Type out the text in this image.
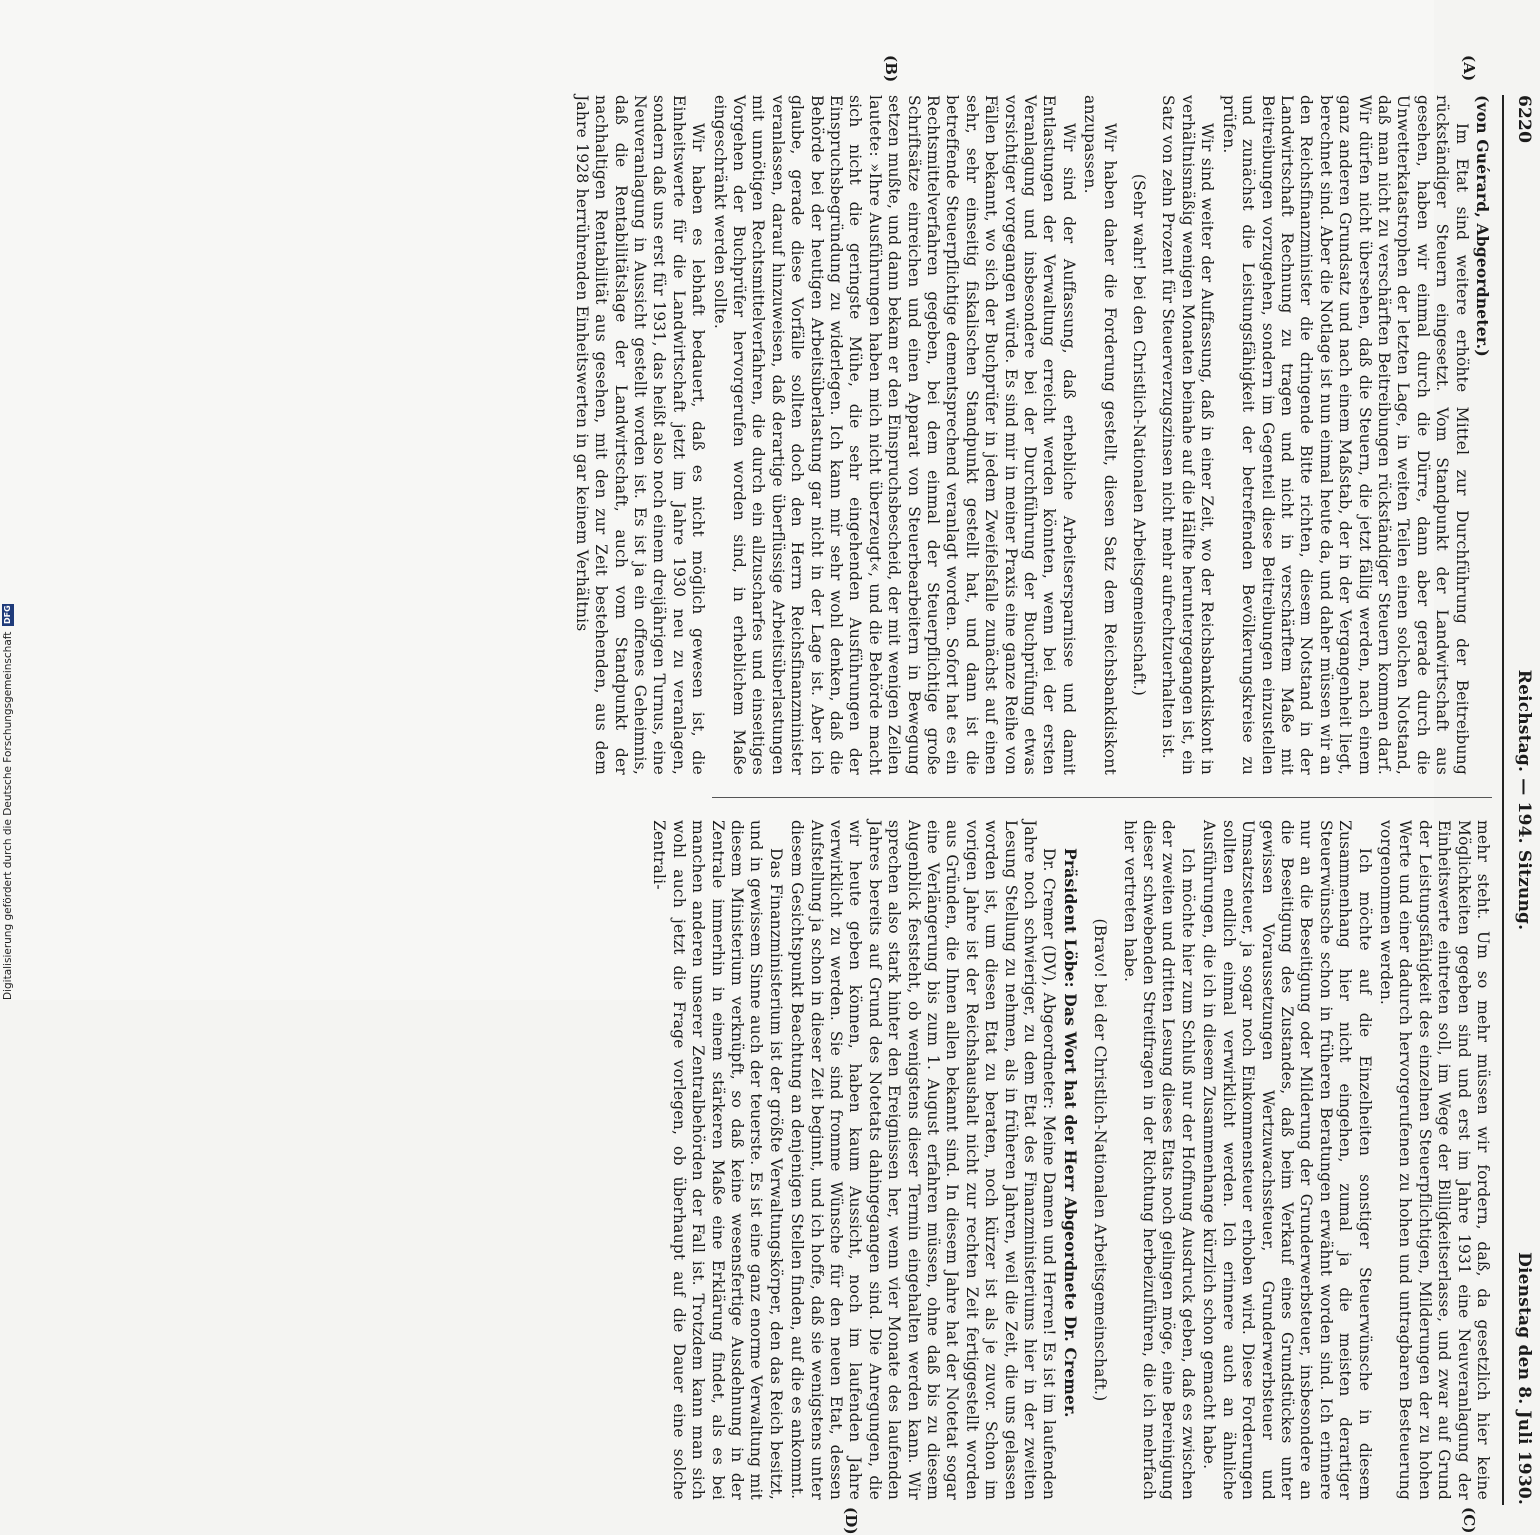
Digitalisierung gefördert durch die Deutsche Forschungsgemeinschaft
DFG
6220
Reichstag. — 194. Sitzung.
Dienstag den 8. Juli 1930.
(A)
(B)
(C)
(D)

(von Guérard, Abgeordneter.)

Im Etat sind weitere erhöhte Mittel zur Durchführung der Beitreibung rückständiger Steuern eingesetzt. Vom Standpunkt der Landwirtschaft aus gesehen, haben wir einmal durch die Dürre, dann aber gerade durch die Unwetterkatastrophen der letzten Lage, in weiten Teilen einen solchen Notstand, daß man nicht zu verschärften Beitreibungen rückständiger Steuern kommen darf. Wir dürfen nicht übersehen, daß die Steuern, die jetzt fällig werden, nach einem ganz anderen Grundsatz und nach einem Maßstab, der in der Vergangenheit liegt, berechnet sind. Aber die Notlage ist nun einmal heute da, und daher müssen wir an den Reichsfinanzminister die dringende Bitte richten, diesem Notstand in der Landwirtschaft Rechnung zu tragen und nicht in verschärftem Maße mit Beitreibungen vorzugehen, sondern im Gegenteil diese Beitreibungen einzustellen und zunächst die Leistungsfähigkeit der betreffenden Bevölkerungskreise zu prüfen.

Wir sind weiter der Auffassung, daß in einer Zeit, wo der Reichsbankdiskont in verhältnismäßig wenigen Monaten beinahe auf die Hälfte heruntergegangen ist, ein Satz von zehn Prozent für Steuerverzugszinsen nicht mehr aufrechtzuerhalten ist.

(Sehr wahr! bei den Christlich-Nationalen Arbeitsgemeinschaft.)

Wir haben daher die Forderung gestellt, diesen Satz dem Reichsbankdiskont anzupassen.

Wir sind der Auffassung, daß erhebliche Arbeitsersparnisse und damit Entlastungen der Verwaltung erreicht werden könnten, wenn bei der ersten Veranlagung und insbesondere bei der Durchführung der Buchprüfung etwas vorsichtiger vorgegangen würde. Es sind mir in meiner Praxis eine ganze Reihe von Fällen bekannt, wo sich der Buchprüfer in jedem Zweifelsfalle zunächst auf einen sehr, sehr einseitig fiskalischen Standpunkt gestellt hat, und dann ist die betreffende Steuerpflichtige dementsprechend veranlagt worden. Sofort hat es ein Rechtsmittelverfahren gegeben, bei dem einmal der Steuerpflichtige große Schriftsätze einreichen und einen Apparat von Steuerbearbeitern in Bewegung setzen mußte, und dann bekam er den Einspruchsbescheid, der mit wenigen Zeilen lautete: »Ihre Ausführungen haben mich nicht überzeugt«, und die Behörde macht sich nicht die geringste Mühe, die sehr eingehenden Ausführungen der Einspruchsbegründung zu widerlegen. Ich kann mir sehr wohl denken, daß die Behörde bei der heutigen Arbeitsüberlastung gar nicht in der Lage ist. Aber ich glaube, gerade diese Vorfälle sollten doch den Herrn Reichsfinanzminister veranlassen, darauf hinzuweisen, daß derartige überflüssige Arbeitsüberlastungen mit unnötigen Rechtsmittelverfahren, die durch ein allzuscharfes und einseitiges Vorgehen der Buchprüfer hervorgerufen worden sind, in erheblichem Maße eingeschränkt werden sollte.

Wir haben es lebhaft bedauert, daß es nicht möglich gewesen ist, die Einheitswerte für die Landwirtschaft jetzt im Jahre 1930 neu zu veranlagen, sondern daß uns erst für 1931, das heißt also noch einem dreijährigen Turnus, eine Neuveranlagung in Aussicht gestellt worden ist. Es ist ja ein offenes Geheimnis, daß die Rentabilitätslage der Landwirtschaft, auch vom Standpunkt der nachhaltigen Rentabilität aus gesehen, mit den zur Zeit bestehenden, aus dem Jahre 1928 herrührenden Einheitswerten in gar keinem Verhältnis

mehr steht. Um so mehr müssen wir fordern, daß, da gesetzlich hier keine Möglichkeiten gegeben sind und erst im Jahre 1931 eine Neuveranlagung der Einheitswerte eintreten soll, im Wege der Billigkeitserlasse, und zwar auf Grund der Leistungsfähigkeit des einzelnen Steuerpflichtigen, Milderungen der zu hohen Werte und einer dadurch hervorgerufenen zu hohen und untragbaren Besteuerung vorgenommen werden.

Ich möchte auf die Einzelheiten sonstiger Steuerwünsche in diesem Zusammenhang hier nicht eingehen, zumal ja die meisten derartiger Steuerwünsche schon in früheren Beratungen erwähnt worden sind. Ich erinnere nur an die Beseitigung oder Milderung der Grunderwerbsteuer, insbesondere an die Beseitigung des Zustandes, daß beim Verkauf eines Grundstückes unter gewissen Voraussetzungen Wertzuwachssteuer, Grunderwerbsteuer und Umsatzsteuer, ja sogar noch Einkommensteuer erhoben wird. Diese Forderungen sollten endlich einmal verwirklicht werden. Ich erinnere auch an ähnliche Ausführungen, die ich in diesem Zusammenhange kürzlich schon gemacht habe.

Ich möchte hier zum Schluß nur der Hoffnung Ausdruck geben, daß es zwischen der zweiten und dritten Lesung dieses Etats noch gelingen möge, eine Bereinigung dieser schwebenden Streitfragen in der Richtung herbeizuführen, die ich mehrfach hier vertreten habe.

(Bravo! bei der Christlich-Nationalen Arbeitsgemeinschaft.)

Präsident Löbe: Das Wort hat der Herr Abgeordnete Dr. Cremer.

Dr. Cremer (DV), Abgeordneter: Meine Damen und Herren! Es ist im laufenden Jahre noch schwieriger, zu dem Etat des Finanzministeriums hier in der zweiten Lesung Stellung zu nehmen, als in früheren Jahren, weil die Zeit, die uns gelassen worden ist, um diesen Etat zu beraten, noch kürzer ist als je zuvor. Schon im vorigen Jahre ist der Reichshaushalt nicht zur rechten Zeit fertiggestellt worden aus Gründen, die Ihnen allen bekannt sind. In diesem Jahre hat der Notetat sogar eine Verlängerung bis zum 1. August erfahren müssen, ohne daß bis zu diesem Augenblick feststeht, ob wenigstens dieser Termin eingehalten werden kann. Wir sprechen also stark hinter den Ereignissen her, wenn vier Monate des laufenden Jahres bereits auf Grund des Notetats dahingegangen sind. Die Anregungen, die wir heute geben können, haben kaum Aussicht, noch im laufenden Jahre verwirklicht zu werden. Sie sind fromme Wünsche für den neuen Etat, dessen Aufstellung ja schon in dieser Zeit beginnt, und ich hoffe, daß sie wenigstens unter diesem Gesichtspunkt Beachtung an denjenigen Stellen finden, auf die es ankommt.

Das Finanzministerium ist der größte Verwaltungskörper, den das Reich besitzt, und in gewissem Sinne auch der teuerste. Es ist eine ganz enorme Verwaltung mit diesem Ministerium verknüpft, so daß keine wesensfertige Ausdehnung in der Zentrale immerhin in einem stärkeren Maße eine Erklärung findet, als es bei manchen anderen unserer Zentralbehörden der Fall ist. Trotzdem kann man sich wohl auch jetzt die Frage vorlegen, ob überhaupt auf die Dauer eine solche Zentrali-
